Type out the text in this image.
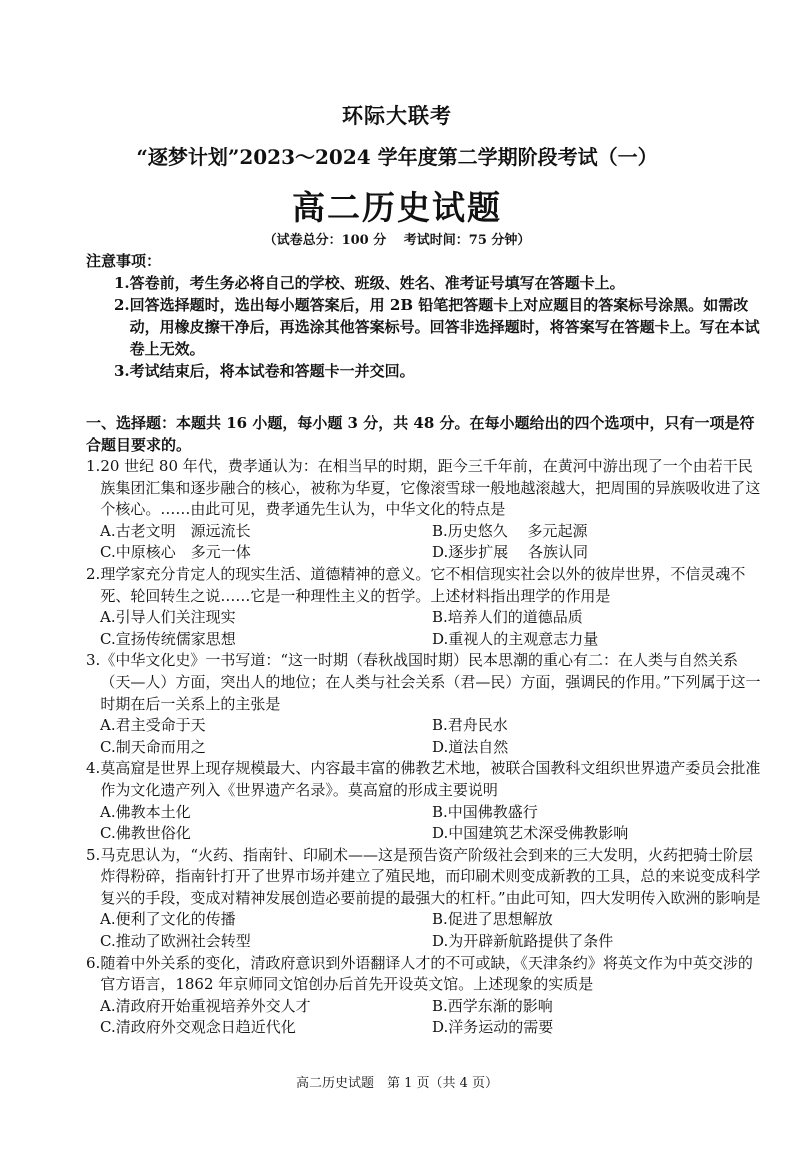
环际大联考
“逐梦计划”2023～2024 学年度第二学期阶段考试（一）
高二历史试题
（试卷总分：100 分　 考试时间：75 分钟）
注意事项：
1. 答卷前，考生务必将自己的学校、班级、姓名、准考证号填写在答题卡上。
2. 回答选择题时，选出每小题答案后，用 2B 铅笔把答题卡上对应题目的答案标号涂黑。如需改动，用橡皮擦干净后，再选涂其他答案标号。回答非选择题时，将答案写在答题卡上。写在本试卷上无效。
3. 考试结束后，将本试卷和答题卡一并交回。
一、选择题：本题共 16 小题，每小题 3 分，共 48 分。在每小题给出的四个选项中，只有一项是符合题目要求的。
1. 20 世纪 80 年代，费孝通认为：在相当早的时期，距今三千年前，在黄河中游出现了一个由若干民族集团汇集和逐步融合的核心，被称为华夏，它像滚雪球一般地越滚越大，把周围的异族吸收进了这个核心。……由此可见，费孝通先生认为，中华文化的特点是
A.古老文明　源远流长	B.历史悠久　 多元起源
C.中原核心　多元一体	D.逐步扩展　 各族认同
2. 理学家充分肯定人的现实生活、道德精神的意义。它不相信现实社会以外的彼岸世界，不信灵魂不死、轮回转生之说……它是一种理性主义的哲学。上述材料指出理学的作用是
A.引导人们关注现实	B.培养人们的道德品质
C.宣扬传统儒家思想	D.重视人的主观意志力量
3. 《中华文化史》一书写道：“这一时期（春秋战国时期）民本思潮的重心有二：在人类与自然关系（天—人）方面，突出人的地位；在人类与社会关系（君—民）方面，强调民的作用。”下列属于这一时期在后一关系上的主张是
A.君主受命于天	B.君舟民水
C.制天命而用之	D.道法自然
4. 莫高窟是世界上现存规模最大、内容最丰富的佛教艺术地，被联合国教科文组织世界遗产委员会批准作为文化遗产列入《世界遗产名录》。莫高窟的形成主要说明
A.佛教本土化	B.中国佛教盛行
C.佛教世俗化	D.中国建筑艺术深受佛教影响
5. 马克思认为，“火药、指南针、印刷术——这是预告资产阶级社会到来的三大发明，火药把骑士阶层炸得粉碎，指南针打开了世界市场并建立了殖民地，而印刷术则变成新教的工具，总的来说变成科学复兴的手段，变成对精神发展创造必要前提的最强大的杠杆。”由此可知，四大发明传入欧洲的影响是
A.便利了文化的传播	B.促进了思想解放
C.推动了欧洲社会转型	D.为开辟新航路提供了条件
6. 随着中外关系的变化，清政府意识到外语翻译人才的不可或缺，《天津条约》将英文作为中英交涉的官方语言，1862 年京师同文馆创办后首先开设英文馆。上述现象的实质是
A.清政府开始重视培养外交人才	B.西学东渐的影响
C.清政府外交观念日趋近代化	D.洋务运动的需要
高二历史试题　第 1 页（共 4 页）
